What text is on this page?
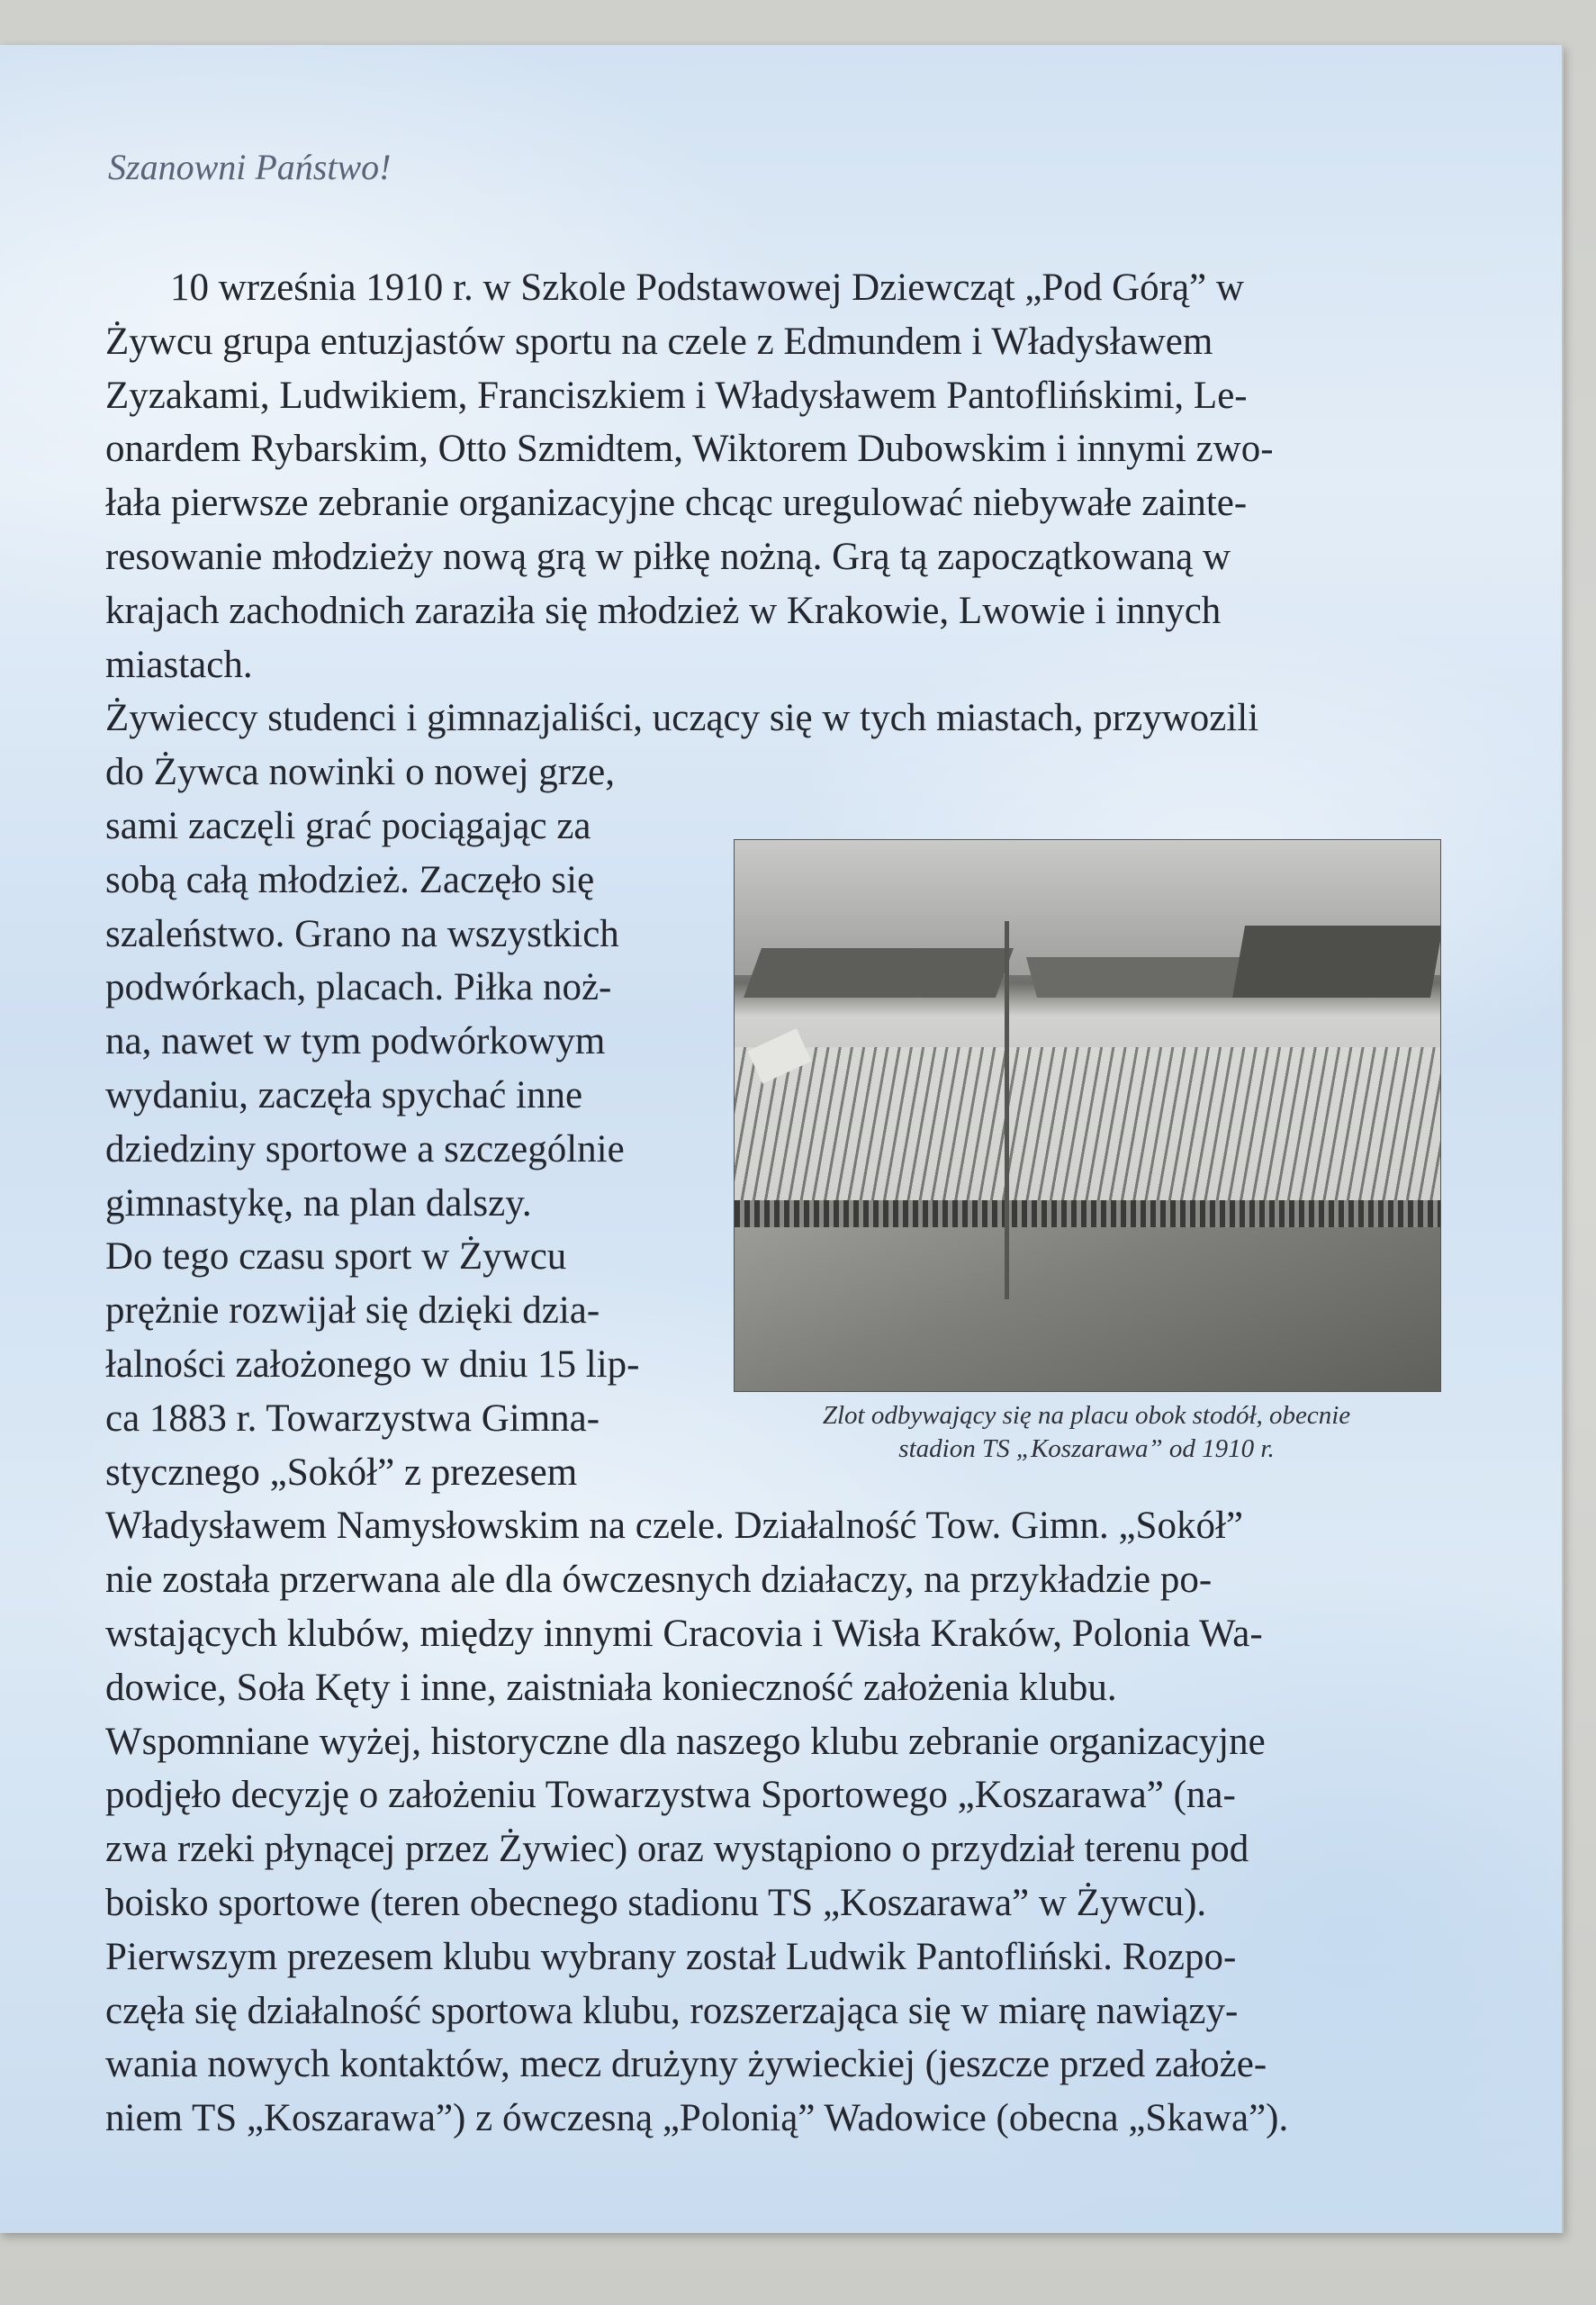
Szanowni Państwo!
10 września 1910 r. w Szkole Podstawowej Dziewcząt „Pod Górą” w
Żywcu grupa entuzjastów sportu na czele z Edmundem i Władysławem
Zyzakami, Ludwikiem, Franciszkiem i Władysławem Pantoflińskimi, Le-
onardem Rybarskim, Otto Szmidtem, Wiktorem Dubowskim i innymi zwo-
łała pierwsze zebranie organizacyjne chcąc uregulować niebywałe zainte-
resowanie młodzieży nową grą w piłkę nożną. Grą tą zapoczątkowaną w
krajach zachodnich zaraziła się młodzież w Krakowie, Lwowie i innych
miastach.
Żywieccy studenci i gimnazjaliści, uczący się w tych miastach, przywozili
do Żywca nowinki o nowej grze,
sami zaczęli grać pociągając za
sobą całą młodzież. Zaczęło się
szaleństwo. Grano na wszystkich
podwórkach, placach. Piłka noż-
na, nawet w tym podwórkowym
wydaniu, zaczęła spychać inne
dziedziny sportowe a szczególnie
gimnastykę, na plan dalszy.
Do tego czasu sport w Żywcu
prężnie rozwijał się dzięki dzia-
łalności założonego w dniu 15 lip-
ca 1883 r. Towarzystwa Gimna-
stycznego „Sokół” z prezesem
Władysławem Namysłowskim na czele. Działalność Tow. Gimn. „Sokół”
nie została przerwana ale dla ówczesnych działaczy, na przykładzie po-
wstających klubów, między innymi Cracovia i Wisła Kraków, Polonia Wa-
dowice, Soła Kęty i inne, zaistniała konieczność założenia klubu.
Wspomniane wyżej, historyczne dla naszego klubu zebranie organizacyjne
podjęło decyzję o założeniu Towarzystwa Sportowego „Koszarawa” (na-
zwa rzeki płynącej przez Żywiec) oraz wystąpiono o przydział terenu pod
boisko sportowe (teren obecnego stadionu TS „Koszarawa” w Żywcu).
Pierwszym prezesem klubu wybrany został Ludwik Pantofliński. Rozpo-
częła się działalność sportowa klubu, rozszerzająca się w miarę nawiązy-
wania nowych kontaktów, mecz drużyny żywieckiej (jeszcze przed założe-
niem TS „Koszarawa”) z ówczesną „Polonią” Wadowice (obecna „Skawa”).
Zlot odbywający się na placu obok stodół, obecnie
stadion TS „Koszarawa” od 1910 r.
